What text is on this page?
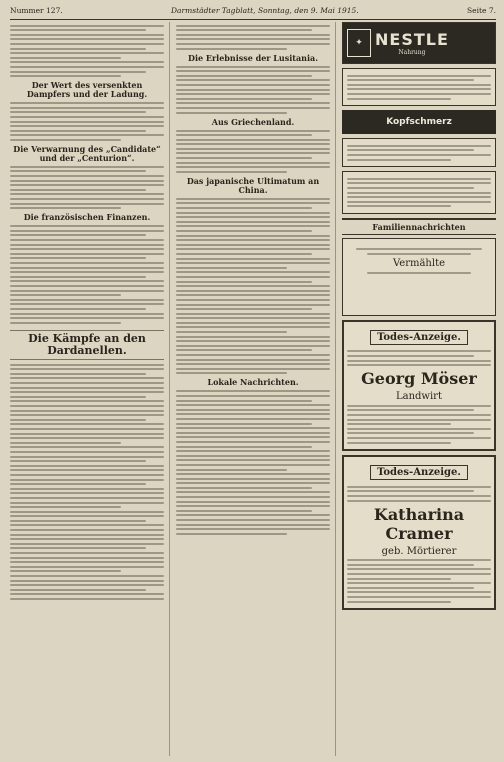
Nummer 127.	Darmstädter Tagblatt, Sonntag, den 9. Mai 1915.	Seite 7.
Der Wert des versenkten Dampfers und der Ladung.
Die Verwarnung des „Candidate“ und der „Centurion“.
Die französischen Finanzen.
Die Kämpfe an den Dardanellen.
Die Erlebnisse der Lusitania.
Aus Griechenland.
Das japanische Ultimatum an China.
Lokale Nachrichten.
✦ NESTLE
Nahrung
Kopfschmerz
Familiennachrichten
Vermählte
Todes-Anzeige.
Georg Möser
Landwirt
Todes-Anzeige.
Katharina Cramer
geb. Mörtierer
